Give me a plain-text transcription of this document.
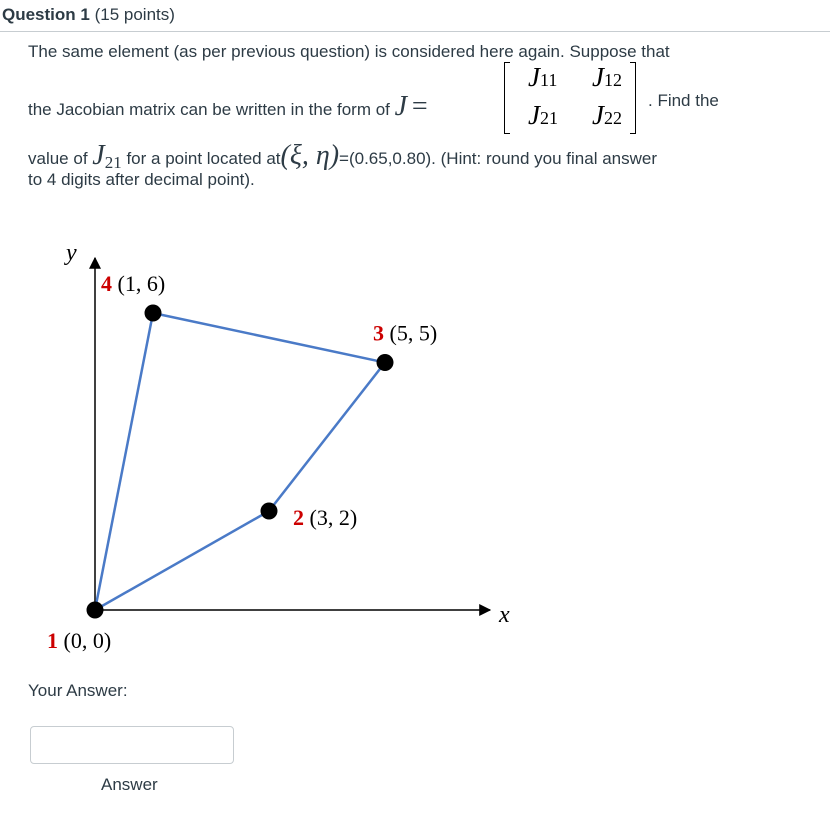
Question 1 (15 points)
The same element (as per previous question) is considered here again. Suppose that
the Jacobian matrix can be written in the form of J =
J11 J12
J21 J22
. Find the
value of $J_{21}$ for a point located at(ξ, η)=(0.65,0.80). (Hint: round you final answer
to 4 digits after decimal point).
y
x
1 (0, 0)
2 (3, 2)
3 (5, 5)
4 (1, 6)
Your Answer:
Answer
